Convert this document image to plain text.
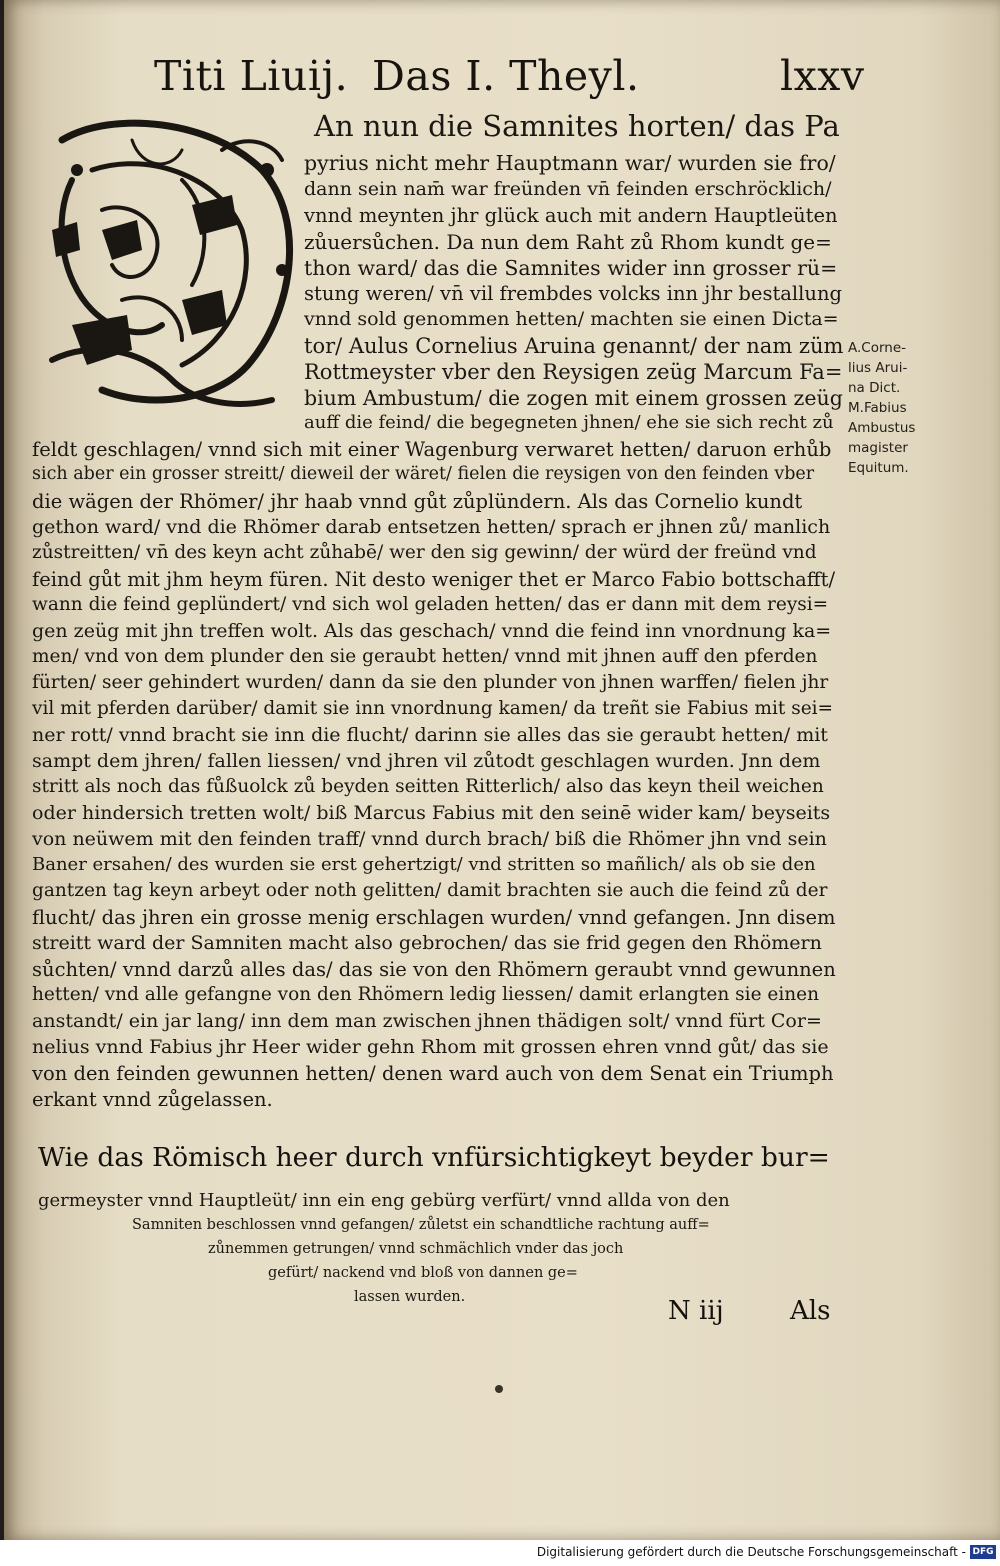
Titi Liuij. Das I. Theyl.	lxxv
An nun die Samnites horten/ das Pa
pyrius nicht mehr Hauptmann war/ wurden sie fro/
dann sein nam̄ war freünden vn̄ feinden erschröcklich/
vnnd meynten jhr glück auch mit andern Hauptleüten
zůuersůchen. Da nun dem Raht zů Rhom kundt ge=
thon ward/ das die Samnites wider inn grosser rü=
stung weren/ vn̄ vil frembdes volcks inn jhr bestallung
vnnd sold genommen hetten/ machten sie einen Dicta=
tor/ Aulus Cornelius Aruina genannt/ der nam züm
Rottmeyster vber den Reysigen zeüg Marcum Fa=
bium Ambustum/ die zogen mit einem grossen zeüg
auff die feind/ die begegneten jhnen/ ehe sie sich recht zů
feldt geschlagen/ vnnd sich mit einer Wagenburg verwaret hetten/ daruon erhůb
sich aber ein grosser streitt/ dieweil der wäret/ fielen die reysigen von den feinden vber
die wägen der Rhömer/ jhr haab vnnd gůt zůplündern. Als das Cornelio kundt
gethon ward/ vnd die Rhömer darab entsetzen hetten/ sprach er jhnen zů/ manlich
zůstreitten/ vn̄ des keyn acht zůhabē/ wer den sig gewinn/ der würd der freünd vnd
feind gůt mit jhm heym füren. Nit desto weniger thet er Marco Fabio bottschafft/
wann die feind geplündert/ vnd sich wol geladen hetten/ das er dann mit dem reysi=
gen zeüg mit jhn treffen wolt. Als das geschach/ vnnd die feind inn vnordnung ka=
men/ vnd von dem plunder den sie geraubt hetten/ vnnd mit jhnen auff den pferden
fürten/ seer gehindert wurden/ dann da sie den plunder von jhnen warffen/ fielen jhr
vil mit pferden darüber/ damit sie inn vnordnung kamen/ da treñt sie Fabius mit sei=
ner rott/ vnnd bracht sie inn die flucht/ darinn sie alles das sie geraubt hetten/ mit
sampt dem jhren/ fallen liessen/ vnd jhren vil zůtodt geschlagen wurden. Jnn dem
stritt als noch das fůßuolck zů beyden seitten Ritterlich/ also das keyn theil weichen
oder hindersich tretten wolt/ biß Marcus Fabius mit den seinē wider kam/ beyseits
von neüwem mit den feinden traff/ vnnd durch brach/ biß die Rhömer jhn vnd sein
Baner ersahen/ des wurden sie erst gehertzigt/ vnd stritten so mañlich/ als ob sie den
gantzen tag keyn arbeyt oder noth gelitten/ damit brachten sie auch die feind zů der
flucht/ das jhren ein grosse menig erschlagen wurden/ vnnd gefangen. Jnn disem
streitt ward der Samniten macht also gebrochen/ das sie frid gegen den Rhömern
sůchten/ vnnd darzů alles das/ das sie von den Rhömern geraubt vnnd gewunnen
hetten/ vnd alle gefangne von den Rhömern ledig liessen/ damit erlangten sie einen
anstandt/ ein jar lang/ inn dem man zwischen jhnen thädigen solt/ vnnd fürt Cor=
nelius vnnd Fabius jhr Heer wider gehn Rhom mit grossen ehren vnnd gůt/ das sie
von den feinden gewunnen hetten/ denen ward auch von dem Senat ein Triumph
erkant vnnd zůgelassen.
A.Corne-
lius Arui-
na Dict.
M.Fabius
Ambustus
magister
Equitum.
Wie das Römisch heer durch vnfürsichtigkeyt beyder bur=
germeyster vnnd Hauptleüt/ inn ein eng gebürg verfürt/ vnnd allda von den
Samniten beschlossen vnnd gefangen/ zůletst ein schandtliche rachtung auff=
zůnemmen getrungen/ vnnd schmächlich vnder das joch
gefürt/ nackend vnd bloß von dannen ge=
lassen wurden.	N iij	Als
Digitalisierung gefördert durch die Deutsche Forschungsgemeinschaft - DFG
